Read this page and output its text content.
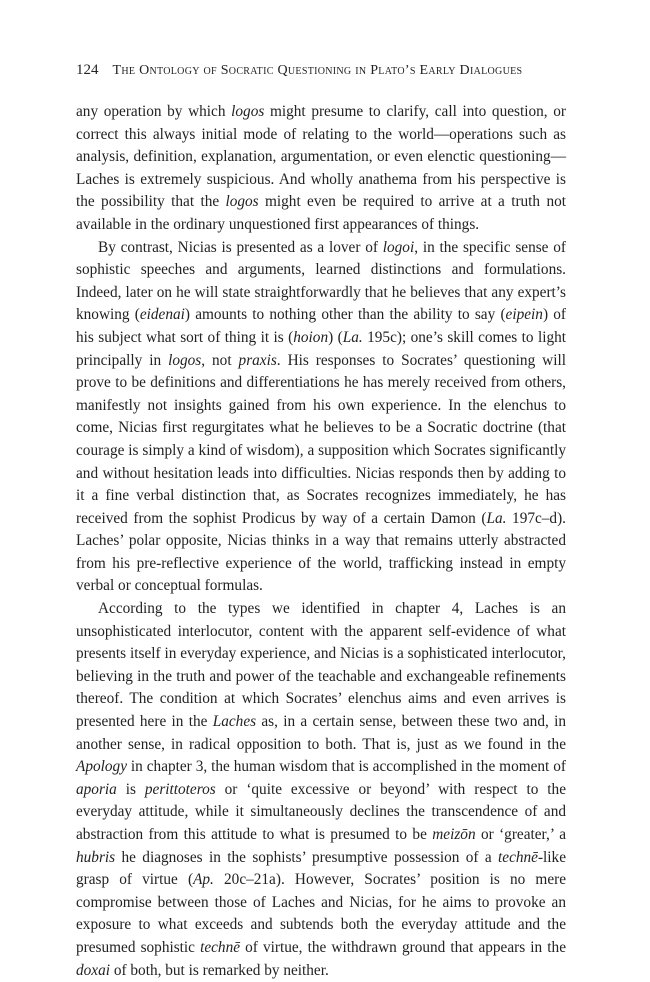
124 The Ontology of Socratic Questioning in Plato’s Early Dialogues

any operation by which logos might presume to clarify, call into question, or correct this always initial mode of relating to the world—operations such as analysis, definition, explanation, argumentation, or even elenctic questioning—Laches is extremely suspicious. And wholly anathema from his perspective is the possibility that the logos might even be required to arrive at a truth not available in the ordinary unquestioned first appearances of things.

By contrast, Nicias is presented as a lover of logoi, in the specific sense of sophistic speeches and arguments, learned distinctions and formulations. Indeed, later on he will state straightforwardly that he believes that any expert’s knowing (eidenai) amounts to nothing other than the ability to say (eipein) of his subject what sort of thing it is (hoion) (La. 195c); one’s skill comes to light principally in logos, not praxis. His responses to Socrates’ questioning will prove to be definitions and differentiations he has merely received from others, manifestly not insights gained from his own experience. In the elenchus to come, Nicias first regurgitates what he believes to be a Socratic doctrine (that courage is simply a kind of wisdom), a supposition which Socrates significantly and without hesitation leads into difficulties. Nicias responds then by adding to it a fine verbal distinction that, as Socrates recognizes immediately, he has received from the sophist Prodicus by way of a certain Damon (La. 197c–d). Laches’ polar opposite, Nicias thinks in a way that remains utterly abstracted from his pre-reflective experience of the world, trafficking instead in empty verbal or conceptual formulas.

According to the types we identified in chapter 4, Laches is an unsophisticated interlocutor, content with the apparent self-evidence of what presents itself in everyday experience, and Nicias is a sophisticated interlocutor, believing in the truth and power of the teachable and exchangeable refinements thereof. The condition at which Socrates’ elenchus aims and even arrives is presented here in the Laches as, in a certain sense, between these two and, in another sense, in radical opposition to both. That is, just as we found in the Apology in chapter 3, the human wisdom that is accomplished in the moment of aporia is perittoteros or ‘quite excessive or beyond’ with respect to the everyday attitude, while it simultaneously declines the transcendence of and abstraction from this attitude to what is presumed to be meizōn or ‘greater,’ a hubris he diagnoses in the sophists’ presumptive possession of a technē-like grasp of virtue (Ap. 20c–21a). However, Socrates’ position is no mere compromise between those of Laches and Nicias, for he aims to provoke an exposure to what exceeds and subtends both the everyday attitude and the presumed sophistic technē of virtue, the withdrawn ground that appears in the doxai of both, but is remarked by neither.
